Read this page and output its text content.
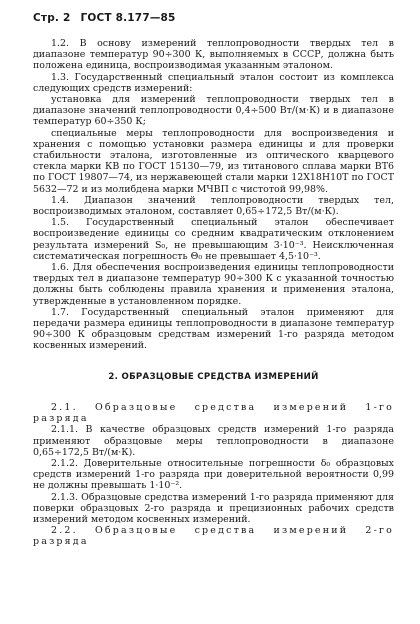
Стр. 2 ГОСТ 8.177—85

1.2. В основу измерений теплопроводности твердых тел в диапазоне температур 90÷300 К, выполняемых в СССР, должна быть положена единица, воспроизводимая указанным эталоном.

1.3. Государственный специальный эталон состоит из комплекса следующих средств измерений:

установка для измерений теплопроводности твердых тел в диапазоне значений теплопроводности 0,4÷500 Вт/(м·К) и в диапазоне температур 60÷350 К;

специальные меры теплопроводности для воспроизведения и хранения с помощью установки размера единицы и для проверки стабильности эталона, изготовленные из оптического кварцевого стекла марки КВ по ГОСТ 15130—79, из титанового сплава марки ВТ6 по ГОСТ 19807—74, из нержавеющей стали марки 12Х18Н10Т по ГОСТ 5632—72 и из молибдена марки МЧВП с чистотой 99,98%.

1.4. Диапазон значений теплопроводности твердых тел, воспроизводимых эталоном, составляет 0,65÷172,5 Вт/(м·К).

1.5. Государственный специальный эталон обеспечивает воспроизведение единицы со средним квадратическим отклонением результата измерений S₀, не превышающим 3·10⁻³. Неисключенная систематическая погрешность Θ₀ не превышает 4,5·10⁻³.

1.6. Для обеспечения воспроизведения единицы теплопроводности твердых тел в диапазоне температур 90÷300 К с указанной точностью должны быть соблюдены правила хранения и применения эталона, утвержденные в установленном порядке.

1.7. Государственный специальный эталон применяют для передачи размера единицы теплопроводности в диапазоне температур 90÷300 К образцовым средствам измерений 1-го разряда методом косвенных измерений.

2. ОБРАЗЦОВЫЕ СРЕДСТВА ИЗМЕРЕНИЙ

2.1. Образцовые средства измерений 1-го разряда

2.1.1. В качестве образцовых средств измерений 1-го разряда применяют образцовые меры теплопроводности в диапазоне 0,65÷172,5 Вт/(м·К).

2.1.2. Доверительные относительные погрешности δ₀ образцовых средств измерений 1-го разряда при доверительной вероятности 0,99 не должны превышать 1·10⁻².

2.1.3. Образцовые средства измерений 1-го разряда применяют для поверки образцовых 2-го разряда и прецизионных рабочих средств измерений методом косвенных измерений.

2.2. Образцовые средства измерений 2-го разряда
